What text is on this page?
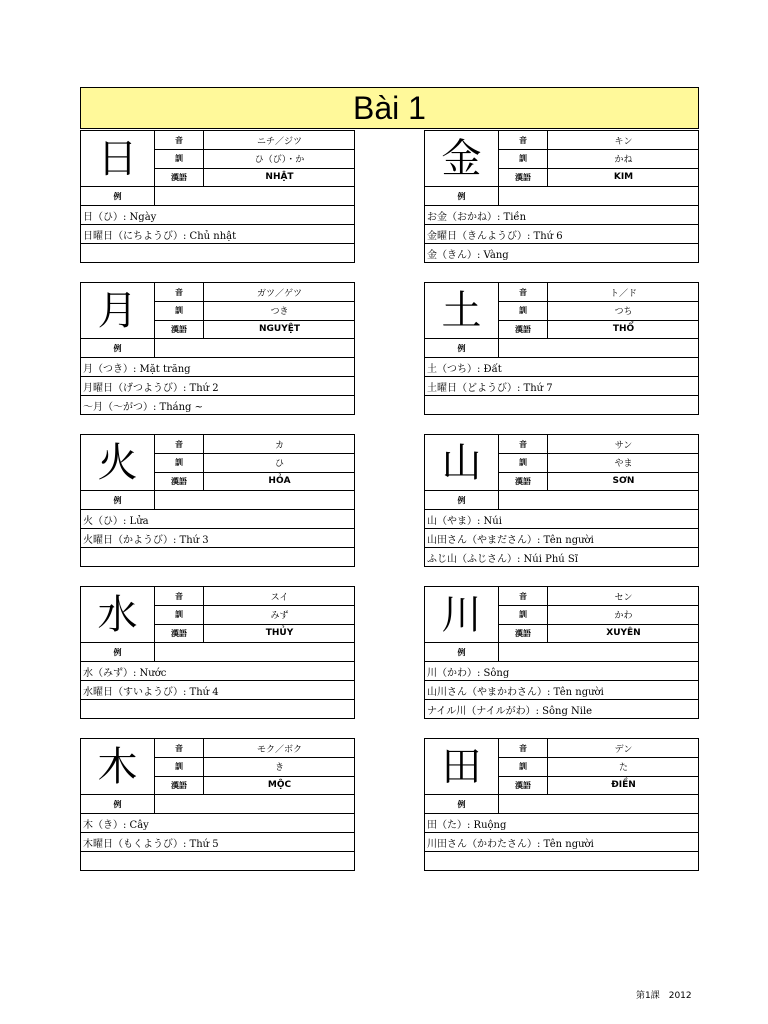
Bài 1
日	音	ニチ／ジツ
訓	ひ（び）・か
漢語	NHẬT
例
日（ひ）: Ngày
日曜日（にちようび）: Chủ nhật
金	音	キン
訓	かね
漢語	KIM
例
お金（おかね）: Tiền
金曜日（きんようび）: Thứ 6
金（きん）: Vàng
月	音	ガツ／ゲツ
訓	つき
漢語	NGUYỆT
例
月（つき）: Mặt trăng
月曜日（げつようび）: Thứ 2
～月（～がつ）: Tháng ~
土	音	ト／ド
訓	つち
漢語	THỔ
例
土（つち）: Đất
土曜日（どようび）: Thứ 7
火	音	カ
訓	ひ
漢語	HỎA
例
火（ひ）: Lửa
火曜日（かようび）: Thứ 3
山	音	サン
訓	やま
漢語	SƠN
例
山（やま）: Núi
山田さん（やまださん）: Tên người
ふじ山（ふじさん）: Núi Phú Sĩ
水	音	スイ
訓	みず
漢語	THỦY
例
水（みず）: Nước
水曜日（すいようび）: Thứ 4
川	音	セン
訓	かわ
漢語	XUYÊN
例
川（かわ）: Sông
山川さん（やまかわさん）: Tên người
ナイル川（ナイルがわ）: Sông Nile
木	音	モク／ボク
訓	き
漢語	MỘC
例
木（き）: Cây
木曜日（もくようび）: Thứ 5
田	音	デン
訓	た
漢語	ĐIỀN
例
田（た）: Ruộng
川田さん（かわたさん）: Tên người
第1課　2012
